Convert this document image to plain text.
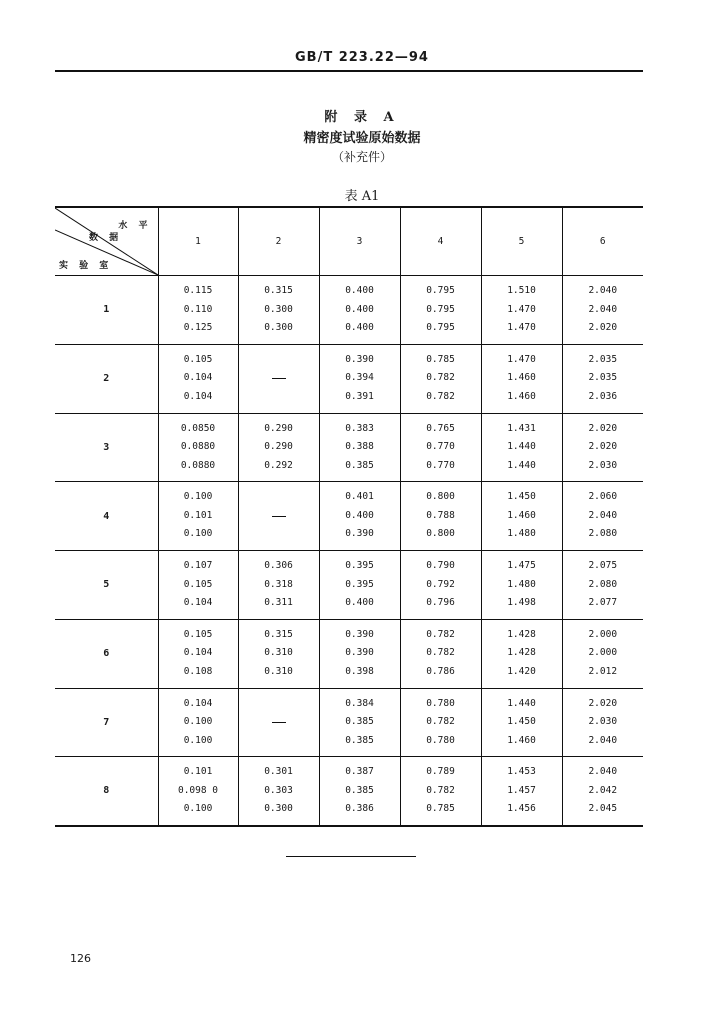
GB/T 223.22—94
附 录 A
精密度试验原始数据
（补充件）
表 A1
水 平
数 据
实 验 室	1	2	3	4	5	6
1	0.115
0.110
0.125	0.315
0.300
0.300	0.400
0.400
0.400	0.795
0.795
0.795	1.510
1.470
1.470	2.040
2.040
2.020

2	0.105
0.104
0.104		0.390
0.394
0.391	0.785
0.782
0.782	1.470
1.460
1.460	2.035
2.035
2.036

3	0.0850
0.0880
0.0880	0.290
0.290
0.292	0.383
0.388
0.385	0.765
0.770
0.770	1.431
1.440
1.440	2.020
2.020
2.030

4	0.100
0.101
0.100		0.401
0.400
0.390	0.800
0.788
0.800	1.450
1.460
1.480	2.060
2.040
2.080

5	0.107
0.105
0.104	0.306
0.318
0.311	0.395
0.395
0.400	0.790
0.792
0.796	1.475
1.480
1.498	2.075
2.080
2.077

6	0.105
0.104
0.108	0.315
0.310
0.310	0.390
0.390
0.398	0.782
0.782
0.786	1.428
1.428
1.420	2.000
2.000
2.012

7	0.104
0.100
0.100		0.384
0.385
0.385	0.780
0.782
0.780	1.440
1.450
1.460	2.020
2.030
2.040

8	0.101
0.098 0
0.100	0.301
0.303
0.300	0.387
0.385
0.386	0.789
0.782
0.785	1.453
1.457
1.456	2.040
2.042
2.045
126
